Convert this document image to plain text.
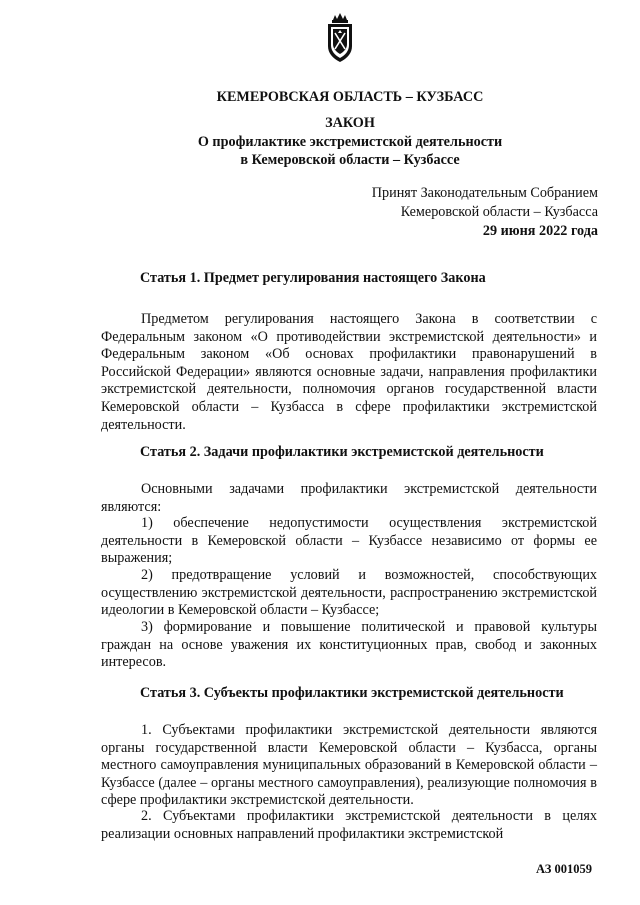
КЕМЕРОВСКАЯ ОБЛАСТЬ – КУЗБАСС
ЗАКОН
О профилактике экстремистской деятельности
в Кемеровской области – Кузбассе
Принят Законодательным Собранием
Кемеровской области – Кузбасса
29 июня 2022 года
Статья 1. Предмет регулирования настоящего Закона
Предметом регулирования настоящего Закона в соответствии с Федеральным законом «О противодействии экстремистской деятельности» и Федеральным законом «Об основах профилактики правонарушений в Российской Федерации» являются основные задачи, направления профилактики экстремистской деятельности, полномочия органов государственной власти Кемеровской области – Кузбасса в сфере профилактики экстремистской деятельности.
Статья 2. Задачи профилактики экстремистской деятельности
Основными задачами профилактики экстремистской деятельности являются:
1) обеспечение недопустимости осуществления экстремистской деятельности в Кемеровской области – Кузбассе независимо от формы ее выражения;
2) предотвращение условий и возможностей, способствующих осуществлению экстремистской деятельности, распространению экстремистской идеологии в Кемеровской области – Кузбассе;
3) формирование и повышение политической и правовой культуры граждан на основе уважения их конституционных прав, свобод и законных интересов.
Статья 3. Субъекты профилактики экстремистской деятельности
1. Субъектами профилактики экстремистской деятельности являются органы государственной власти Кемеровской области – Кузбасса, органы местного самоуправления муниципальных образований в Кемеровской области – Кузбассе (далее – органы местного самоуправления), реализующие полномочия в сфере профилактики экстремистской деятельности.
2. Субъектами профилактики экстремистской деятельности в целях реализации основных направлений профилактики экстремистской
АЗ 001059
